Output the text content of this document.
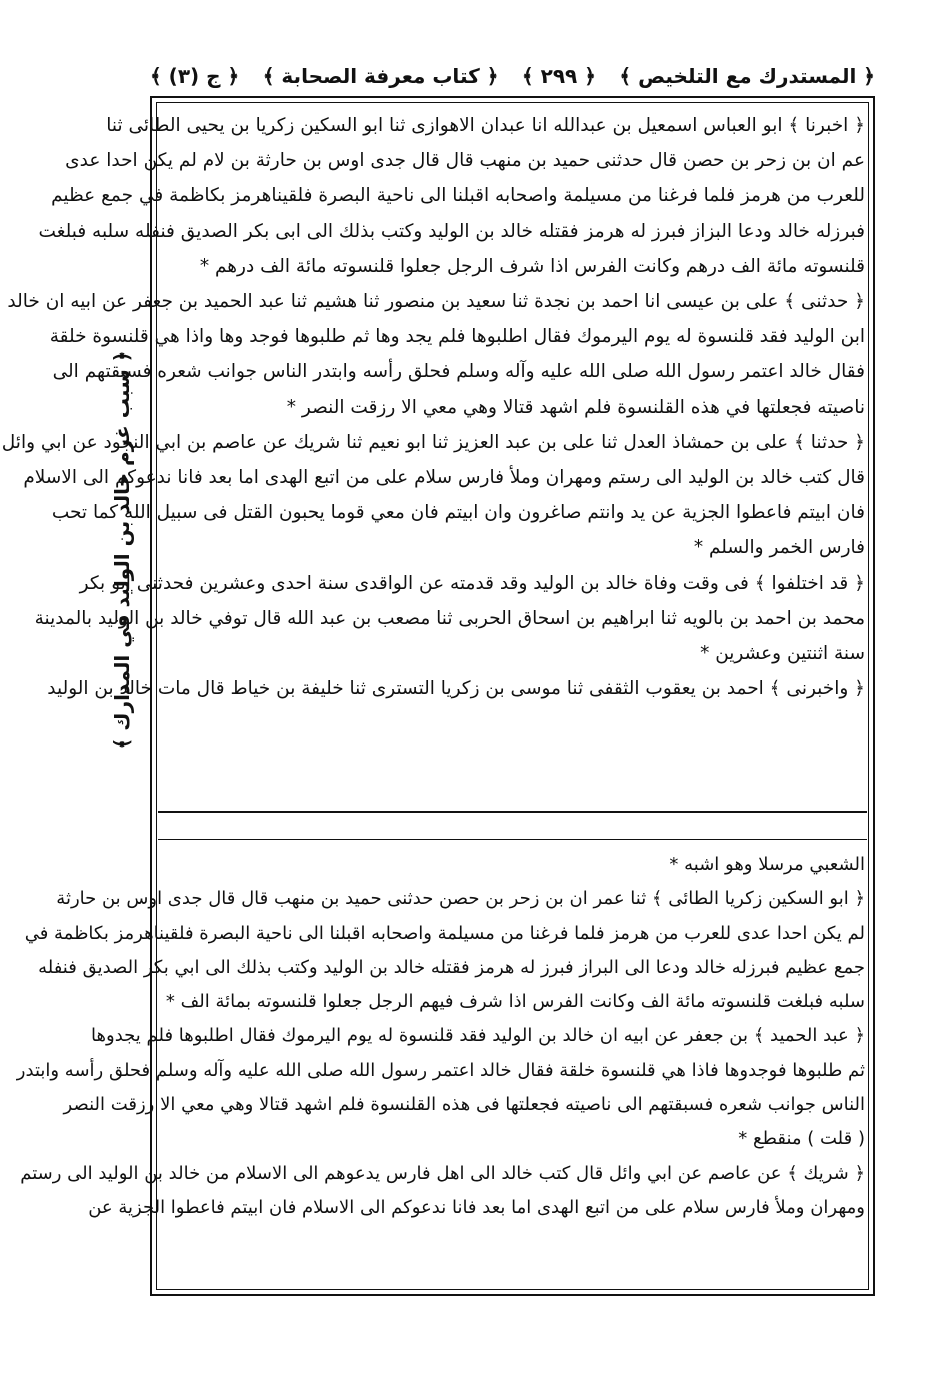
﴿ المستدرك مع التلخيص ﴾
﴿ ٢٩٩ ﴾
﴿ كتاب معرفة الصحابة ﴾
﴿ ج (٣) ﴾
﴿ سبب غرم خالد بن الوليد في المدارك ﴾
﴿ اخبرنا ﴾ ابو العباس اسمعيل بن عبدالله انا عبدان الاهوازى ثنا ابو السكين زكريا بن يحيى الطائى ثنا
عم ان بن زحر بن حصن قال حدثنى حميد بن منهب قال قال جدى اوس بن حارثة بن لام لم يكن احدا عدى
للعرب من هرمز فلما فرغنا من مسيلمة واصحابه اقبلنا الى ناحية البصرة فلقيناهرمز بكاظمة في جمع عظيم
فبرزله خالد ودعا البزاز فبرز له هرمز فقتله خالد بن الوليد وكتب بذلك الى ابى بكر الصديق فنفله سلبه فبلغت
قلنسوته مائة الف درهم وكانت الفرس اذا شرف الرجل جعلوا قلنسوته مائة الف درهم *
﴿ حدثنى ﴾ على بن عيسى انا احمد بن نجدة ثنا سعيد بن منصور ثنا هشيم ثنا عبد الحميد بن جعفر عن ابيه ان خالد
ابن الوليد فقد قلنسوة له يوم اليرموك فقال اطلبوها فلم يجد وها ثم طلبوها فوجد وها واذا هي قلنسوة خلقة
فقال خالد اعتمر رسول الله صلى الله عليه وآله وسلم فحلق رأسه وابتدر الناس جوانب شعره فسبقتهم الى
ناصيته فجعلتها في هذه القلنسوة فلم اشهد قتالا وهي معي الا رزقت النصر *
﴿ حدثنا ﴾ على بن حمشاذ العدل ثنا على بن عبد العزيز ثنا ابو نعيم ثنا شريك عن عاصم بن ابي النجود عن ابي وائل
قال كتب خالد بن الوليد الى رستم ومهران وملأ فارس سلام على من اتبع الهدى اما بعد فانا ندعوكم الى الاسلام
فان ابيتم فاعطوا الجزية عن يد وانتم صاغرون وان ابيتم فان معي قوما يحبون القتل فى سبيل الله كما تحب
فارس الخمر والسلم *
﴿ قد اختلفوا ﴾ فى وقت وفاة خالد بن الوليد وقد قدمته عن الواقدى سنة احدى وعشرين فحدثنى ابو بكر
محمد بن احمد بن بالويه ثنا ابراهيم بن اسحاق الحربى ثنا مصعب بن عبد الله قال توفي خالد بن الوليد بالمدينة
سنة اثنتين وعشرين *
﴿ واخبرنى ﴾ احمد بن يعقوب الثقفى ثنا موسى بن زكريا التسترى ثنا خليفة بن خياط قال مات خالد بن الوليد
الشعبي مرسلا وهو اشبه *
﴿ ابو السكين زكريا الطائى ﴾ ثنا عمر ان بن زحر بن حصن حدثنى حميد بن منهب قال قال جدى اوس بن حارثة
لم يكن احدا عدى للعرب من هرمز فلما فرغنا من مسيلمة واصحابه اقبلنا الى ناحية البصرة فلقيناهرمز بكاظمة في
جمع عظيم فبرزله خالد ودعا الى البراز فبرز له هرمز فقتله خالد بن الوليد وكتب بذلك الى ابي بكر الصديق فنفله
سلبه فبلغت قلنسوته مائة الف وكانت الفرس اذا شرف فيهم الرجل جعلوا قلنسوته بمائة الف *
﴿ عبد الحميد ﴾ بن جعفر عن ابيه ان خالد بن الوليد فقد قلنسوة له يوم اليرموك فقال اطلبوها فلم يجدوها
ثم طلبوها فوجدوها فاذا هي قلنسوة خلقة فقال خالد اعتمر رسول الله صلى الله عليه وآله وسلم فحلق رأسه وابتدر
الناس جوانب شعره فسبقتهم الى ناصيته فجعلتها فى هذه القلنسوة فلم اشهد قتالا وهي معي الا رزقت النصر
( قلت ) منقطع *
﴿ شريك ﴾ عن عاصم عن ابي وائل قال كتب خالد الى اهل فارس يدعوهم الى الاسلام من خالد بن الوليد الى رستم
ومهران وملأ فارس سلام على من اتبع الهدى اما بعد فانا ندعوكم الى الاسلام فان ابيتم فاعطوا الجزية عن
